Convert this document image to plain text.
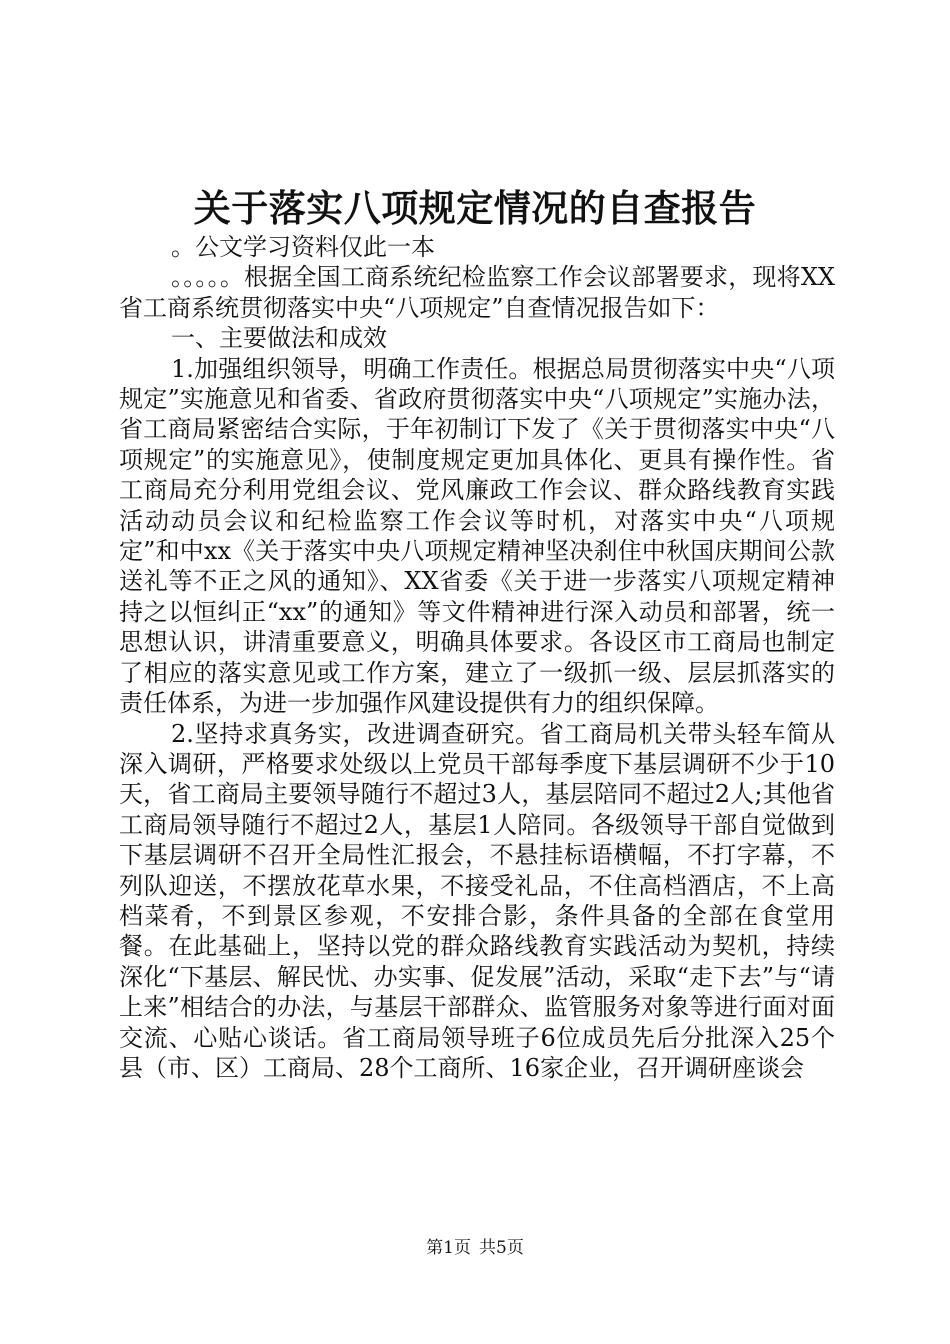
关于落实八项规定情况的自查报告

。公文学习资料仅此一本

。。。。。根据全国工商系统纪检监察工作会议部署要求，现将XX省工商系统贯彻落实中央“八项规定”自查情况报告如下：

一、主要做法和成效

1.加强组织领导，明确工作责任。根据总局贯彻落实中央“八项规定”实施意见和省委、省政府贯彻落实中央“八项规定”实施办法，省工商局紧密结合实际，于年初制订下发了《关于贯彻落实中央“八项规定”的实施意见》，使制度规定更加具体化、更具有操作性。省工商局充分利用党组会议、党风廉政工作会议、群众路线教育实践活动动员会议和纪检监察工作会议等时机，对落实中央“八项规定”和中xx《关于落实中央八项规定精神坚决刹住中秋国庆期间公款送礼等不正之风的通知》、XX省委《关于进一步落实八项规定精神持之以恒纠正“xx”的通知》等文件精神进行深入动员和部署，统一思想认识，讲清重要意义，明确具体要求。各设区市工商局也制定了相应的落实意见或工作方案，建立了一级抓一级、层层抓落实的责任体系，为进一步加强作风建设提供有力的组织保障。

2.坚持求真务实，改进调查研究。省工商局机关带头轻车简从深入调研，严格要求处级以上党员干部每季度下基层调研不少于10天，省工商局主要领导随行不超过3人，基层陪同不超过2人;其他省工商局领导随行不超过2人，基层1人陪同。各级领导干部自觉做到下基层调研不召开全局性汇报会，不悬挂标语横幅，不打字幕，不列队迎送，不摆放花草水果，不接受礼品，不住高档酒店，不上高档菜肴，不到景区参观，不安排合影，条件具备的全部在食堂用餐。在此基础上，坚持以党的群众路线教育实践活动为契机，持续深化“下基层、解民忧、办实事、促发展”活动，采取“走下去”与“请上来”相结合的办法，与基层干部群众、监管服务对象等进行面对面交流、心贴心谈话。省工商局领导班子6位成员先后分批深入25个县（市、区）工商局、28个工商所、16家企业，召开调研座谈会

第1页 共5页
